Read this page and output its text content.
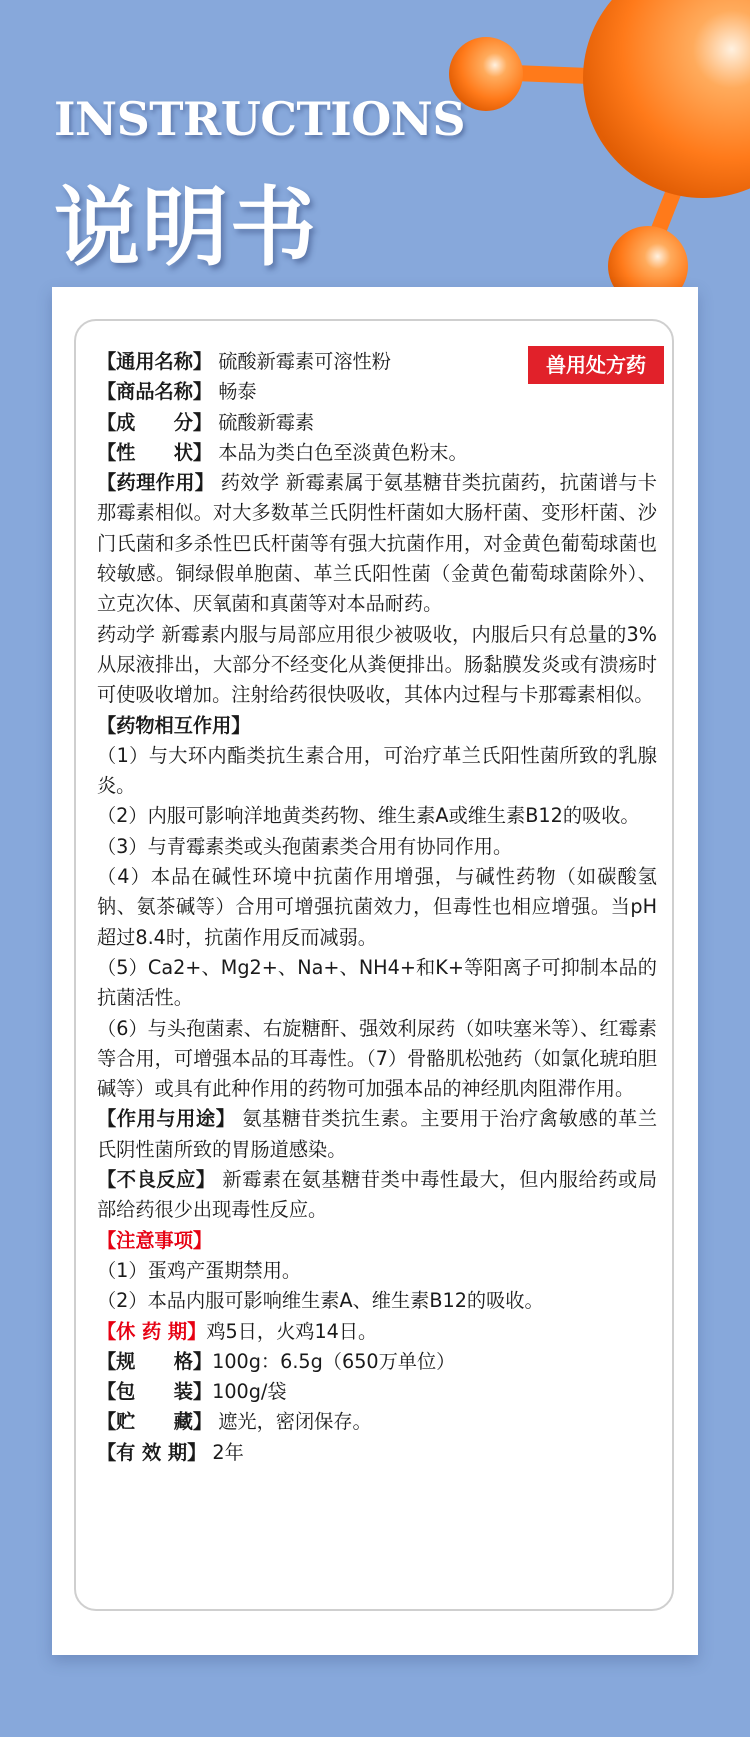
INSTRUCTIONS
说明书
兽用处方药

【通用名称】 硫酸新霉素可溶性粉

【商品名称】 畅泰

【成　　分】 硫酸新霉素

【性　　状】 本品为类白色至淡黄色粉末。

【药理作用】 药效学 新霉素属于氨基糖苷类抗菌药，抗菌谱与卡那霉素相似。对大多数革兰氏阴性杆菌如大肠杆菌、变形杆菌、沙门氏菌和多杀性巴氏杆菌等有强大抗菌作用，对金黄色葡萄球菌也较敏感。铜绿假单胞菌、革兰氏阳性菌（金黄色葡萄球菌除外）、立克次体、厌氧菌和真菌等对本品耐药。

药动学 新霉素内服与局部应用很少被吸收，内服后只有总量的3%从尿液排出，大部分不经变化从粪便排出。肠黏膜发炎或有溃疡时可使吸收增加。注射给药很快吸收，其体内过程与卡那霉素相似。

【药物相互作用】

（1）与大环内酯类抗生素合用，可治疗革兰氏阳性菌所致的乳腺炎。

（2）内服可影响洋地黄类药物、维生素A或维生素B12的吸收。

（3）与青霉素类或头孢菌素类合用有协同作用。

（4）本品在碱性环境中抗菌作用增强，与碱性药物（如碳酸氢钠、氨茶碱等）合用可增强抗菌效力，但毒性也相应增强。当pH超过8.4时，抗菌作用反而减弱。

（5）Ca2+、Mg2+、Na+、NH4+和K+等阳离子可抑制本品的抗菌活性。

（6）与头孢菌素、右旋糖酐、强效利尿药（如呋塞米等）、红霉素等合用，可增强本品的耳毒性。（7）骨骼肌松弛药（如氯化琥珀胆碱等）或具有此种作用的药物可加强本品的神经肌肉阻滞作用。

【作用与用途】 氨基糖苷类抗生素。主要用于治疗禽敏感的革兰氏阴性菌所致的胃肠道感染。

【不良反应】 新霉素在氨基糖苷类中毒性最大，但内服给药或局部给药很少出现毒性反应。

【注意事项】

（1）蛋鸡产蛋期禁用。

（2）本品内服可影响维生素A、维生素B12的吸收。

【休 药 期】鸡5日，火鸡14日。

【规　　格】100g：6.5g（650万单位）

【包　　装】100g/袋

【贮　　藏】 遮光，密闭保存。

【有 效 期】 2年
